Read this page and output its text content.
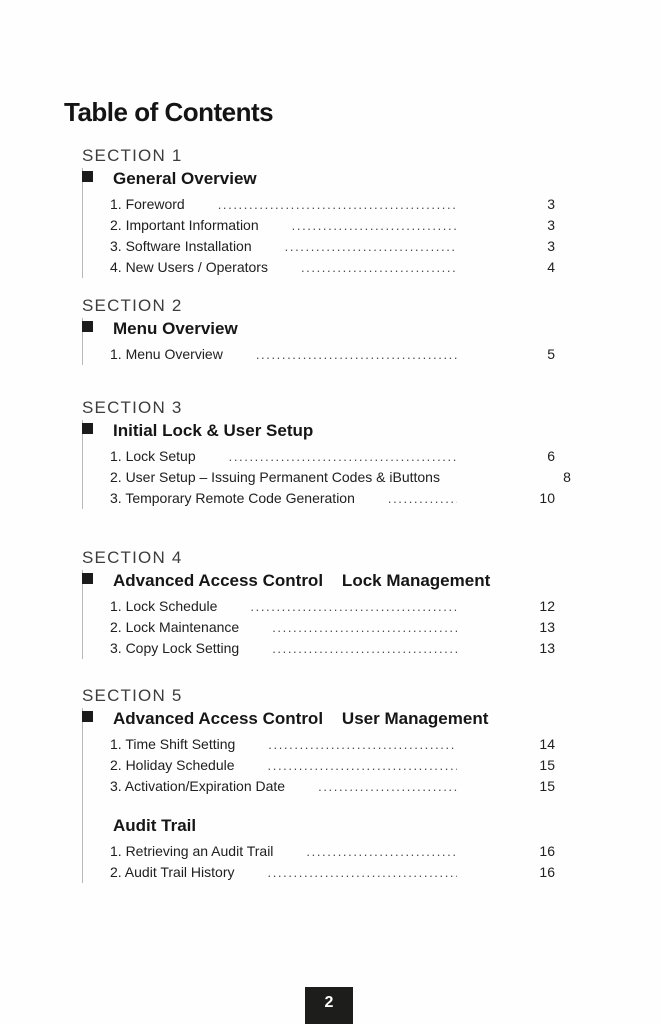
Table of Contents
SECTION 1
General Overview
1. Foreword .....	3
2. Important Information .....	3
3. Software Installation .....	3
4. New Users / Operators .....	4
SECTION 2
Menu Overview
1. Menu Overview .....	5
SECTION 3
Initial Lock & User Setup
1. Lock Setup .....	6
2. User Setup – Issuing Permanent Codes & iButtons	8
3. Temporary Remote Code Generation .....	10
SECTION 4
Advanced Access Control    Lock Management
1. Lock Schedule .....	12
2. Lock Maintenance .....	13
3. Copy Lock Setting .....	13
SECTION 5
Advanced Access Control    User Management
1. Time Shift Setting .....	14
2. Holiday Schedule .....	15
3. Activation/Expiration Date .....	15
Audit Trail
1. Retrieving an Audit Trail .....	16
2. Audit Trail History .....	16
2
